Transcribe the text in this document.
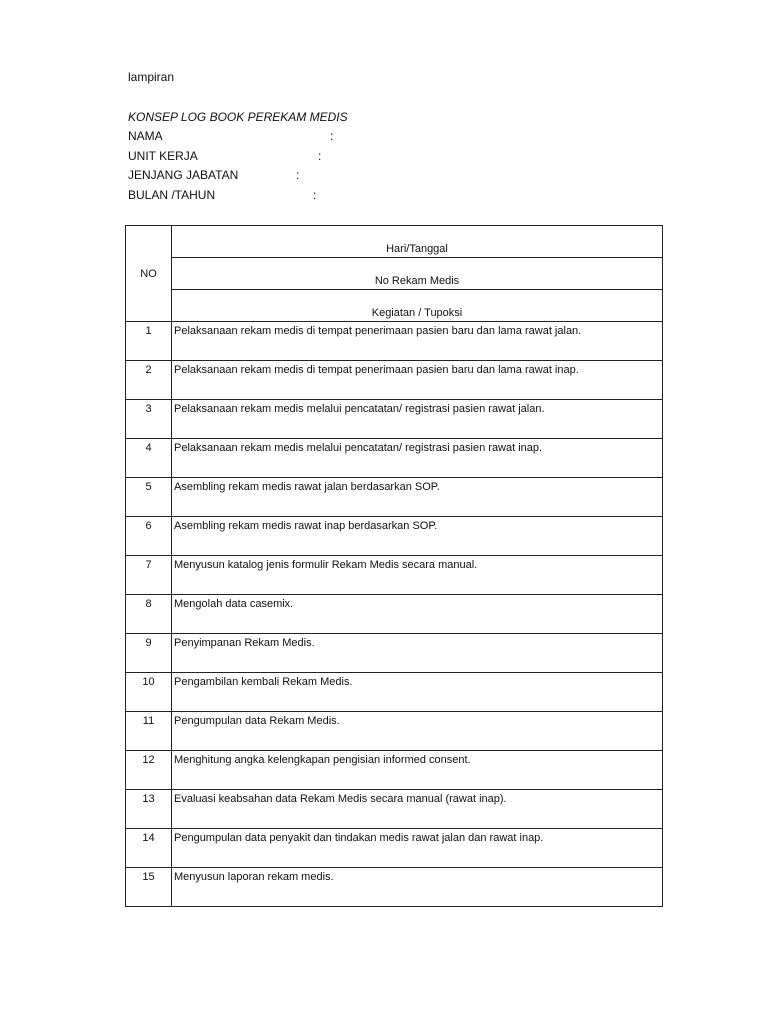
lampiran
KONSEP LOG BOOK PEREKAM MEDIS
NAMA	:
UNIT KERJA	:
JENJANG JABATAN	:
BULAN /TAHUN	:
NO	Hari/Tanggal
	No Rekam Medis
	Kegiatan / Tupoksi
1	Pelaksanaan rekam medis di tempat penerimaan pasien baru dan lama rawat jalan.
2	Pelaksanaan rekam medis di tempat penerimaan pasien baru dan lama rawat inap.
3	Pelaksanaan rekam medis melalui pencatatan/ registrasi pasien rawat jalan.
4	Pelaksanaan rekam medis melalui pencatatan/ registrasi pasien rawat inap.
5	Asembling rekam medis rawat jalan berdasarkan SOP.
6	Asembling rekam medis rawat inap berdasarkan SOP.
7	Menyusun katalog jenis formulir Rekam Medis secara manual.
8	Mengolah data casemix.
9	Penyimpanan Rekam Medis.
10	Pengambilan kembali Rekam Medis.
11	Pengumpulan data Rekam Medis.
12	Menghitung angka kelengkapan pengisian informed consent.
13	Evaluasi keabsahan data Rekam Medis secara manual (rawat inap).
14	Pengumpulan data penyakit dan tindakan medis rawat jalan dan rawat inap.
15	Menyusun laporan rekam medis.
